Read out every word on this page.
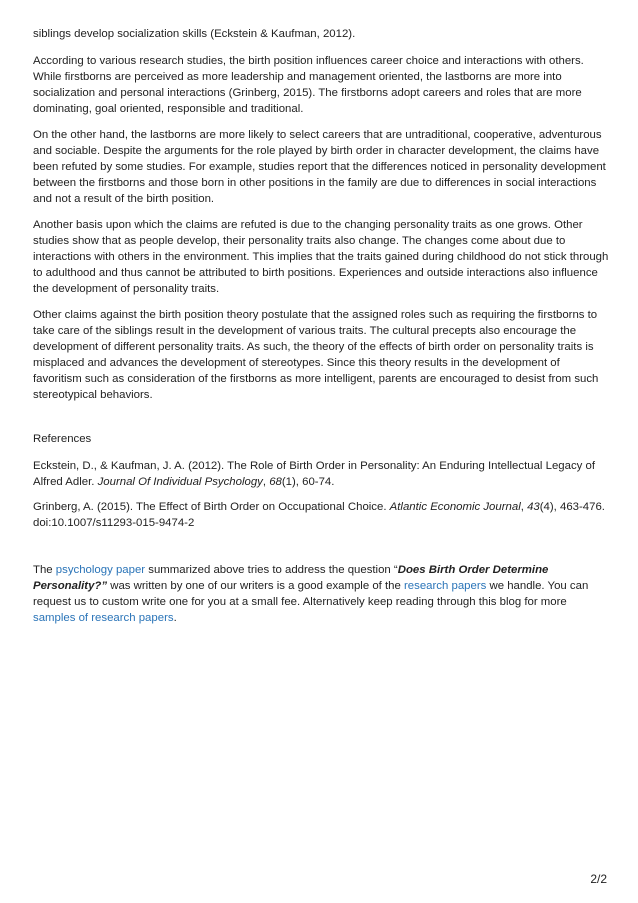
siblings develop socialization skills (Eckstein & Kaufman, 2012).

According to various research studies, the birth position influences career choice and interactions with others. While firstborns are perceived as more leadership and management oriented, the lastborns are more into socialization and personal interactions (Grinberg, 2015). The firstborns adopt careers and roles that are more dominating, goal oriented, responsible and traditional.

On the other hand, the lastborns are more likely to select careers that are untraditional, cooperative, adventurous and sociable. Despite the arguments for the role played by birth order in character development, the claims have been refuted by some studies. For example, studies report that the differences noticed in personality development between the firstborns and those born in other positions in the family are due to differences in social interactions and not a result of the birth position.

Another basis upon which the claims are refuted is due to the changing personality traits as one grows. Other studies show that as people develop, their personality traits also change. The changes come about due to interactions with others in the environment. This implies that the traits gained during childhood do not stick through to adulthood and thus cannot be attributed to birth positions. Experiences and outside interactions also influence the development of personality traits.

Other claims against the birth position theory postulate that the assigned roles such as requiring the firstborns to take care of the siblings result in the development of various traits. The cultural precepts also encourage the development of different personality traits. As such, the theory of the effects of birth order on personality traits is misplaced and advances the development of stereotypes. Since this theory results in the development of favoritism such as consideration of the firstborns as more intelligent, parents are encouraged to desist from such stereotypical behaviors.

References

Eckstein, D., & Kaufman, J. A. (2012). The Role of Birth Order in Personality: An Enduring Intellectual Legacy of Alfred Adler. Journal Of Individual Psychology, 68(1), 60-74.

Grinberg, A. (2015). The Effect of Birth Order on Occupational Choice. Atlantic Economic Journal, 43(4), 463-476. doi:10.1007/s11293-015-9474-2

The psychology paper summarized above tries to address the question “Does Birth Order Determine Personality?” was written by one of our writers is a good example of the research papers we handle. You can request us to custom write one for you at a small fee. Alternatively keep reading through this blog for more samples of research papers.

2/2
